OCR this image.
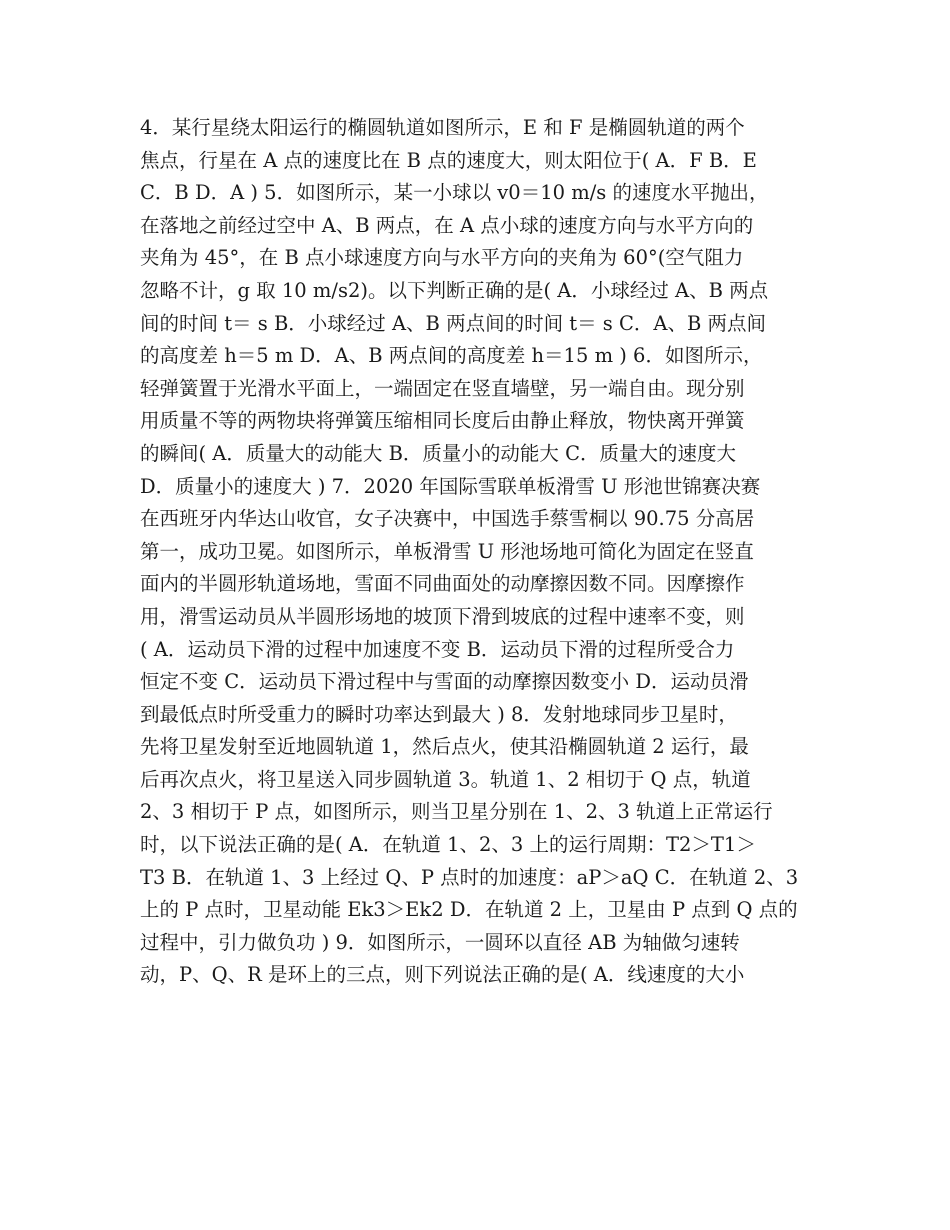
4．某行星绕太阳运行的椭圆轨道如图所示，E 和 F 是椭圆轨道的两个
焦点，行星在 A 点的速度比在 B 点的速度大，则太阳位于( A．F B．E
C．B D．A ) 5．如图所示，某一小球以 v0＝10 m/s 的速度水平抛出，
在落地之前经过空中 A、B 两点，在 A 点小球的速度方向与水平方向的
夹角为 45°，在 B 点小球速度方向与水平方向的夹角为 60°(空气阻力
忽略不计，g 取 10 m/s2)。以下判断正确的是( A．小球经过 A、B 两点
间的时间 t＝ s B．小球经过 A、B 两点间的时间 t＝ s C．A、B 两点间
的高度差 h＝5 m D．A、B 两点间的高度差 h＝15 m ) 6．如图所示，
轻弹簧置于光滑水平面上，一端固定在竖直墙壁，另一端自由。现分别
用质量不等的两物块将弹簧压缩相同长度后由静止释放，物快离开弹簧
的瞬间( A．质量大的动能大 B．质量小的动能大 C．质量大的速度大
D．质量小的速度大 ) 7．2020 年国际雪联单板滑雪 U 形池世锦赛决赛
在西班牙内华达山收官，女子决赛中，中国选手蔡雪桐以 90.75 分高居
第一，成功卫冕。如图所示，单板滑雪 U 形池场地可简化为固定在竖直
面内的半圆形轨道场地，雪面不同曲面处的动摩擦因数不同。因摩擦作
用，滑雪运动员从半圆形场地的坡顶下滑到坡底的过程中速率不变，则
( A．运动员下滑的过程中加速度不变 B．运动员下滑的过程所受合力
恒定不变 C．运动员下滑过程中与雪面的动摩擦因数变小 D．运动员滑
到最低点时所受重力的瞬时功率达到最大 ) 8．发射地球同步卫星时，
先将卫星发射至近地圆轨道 1，然后点火，使其沿椭圆轨道 2 运行，最
后再次点火，将卫星送入同步圆轨道 3。轨道 1、2 相切于 Q 点，轨道
2、3 相切于 P 点，如图所示，则当卫星分别在 1、2、3 轨道上正常运行
时，以下说法正确的是( A．在轨道 1、2、3 上的运行周期：T2＞T1＞
T3 B．在轨道 1、3 上经过 Q、P 点时的加速度：aP＞aQ C．在轨道 2、3
上的 P 点时，卫星动能 Ek3＞Ek2 D．在轨道 2 上，卫星由 P 点到 Q 点的
过程中，引力做负功 ) 9．如图所示，一圆环以直径 AB 为轴做匀速转
动，P、Q、R 是环上的三点，则下列说法正确的是( A．线速度的大小
